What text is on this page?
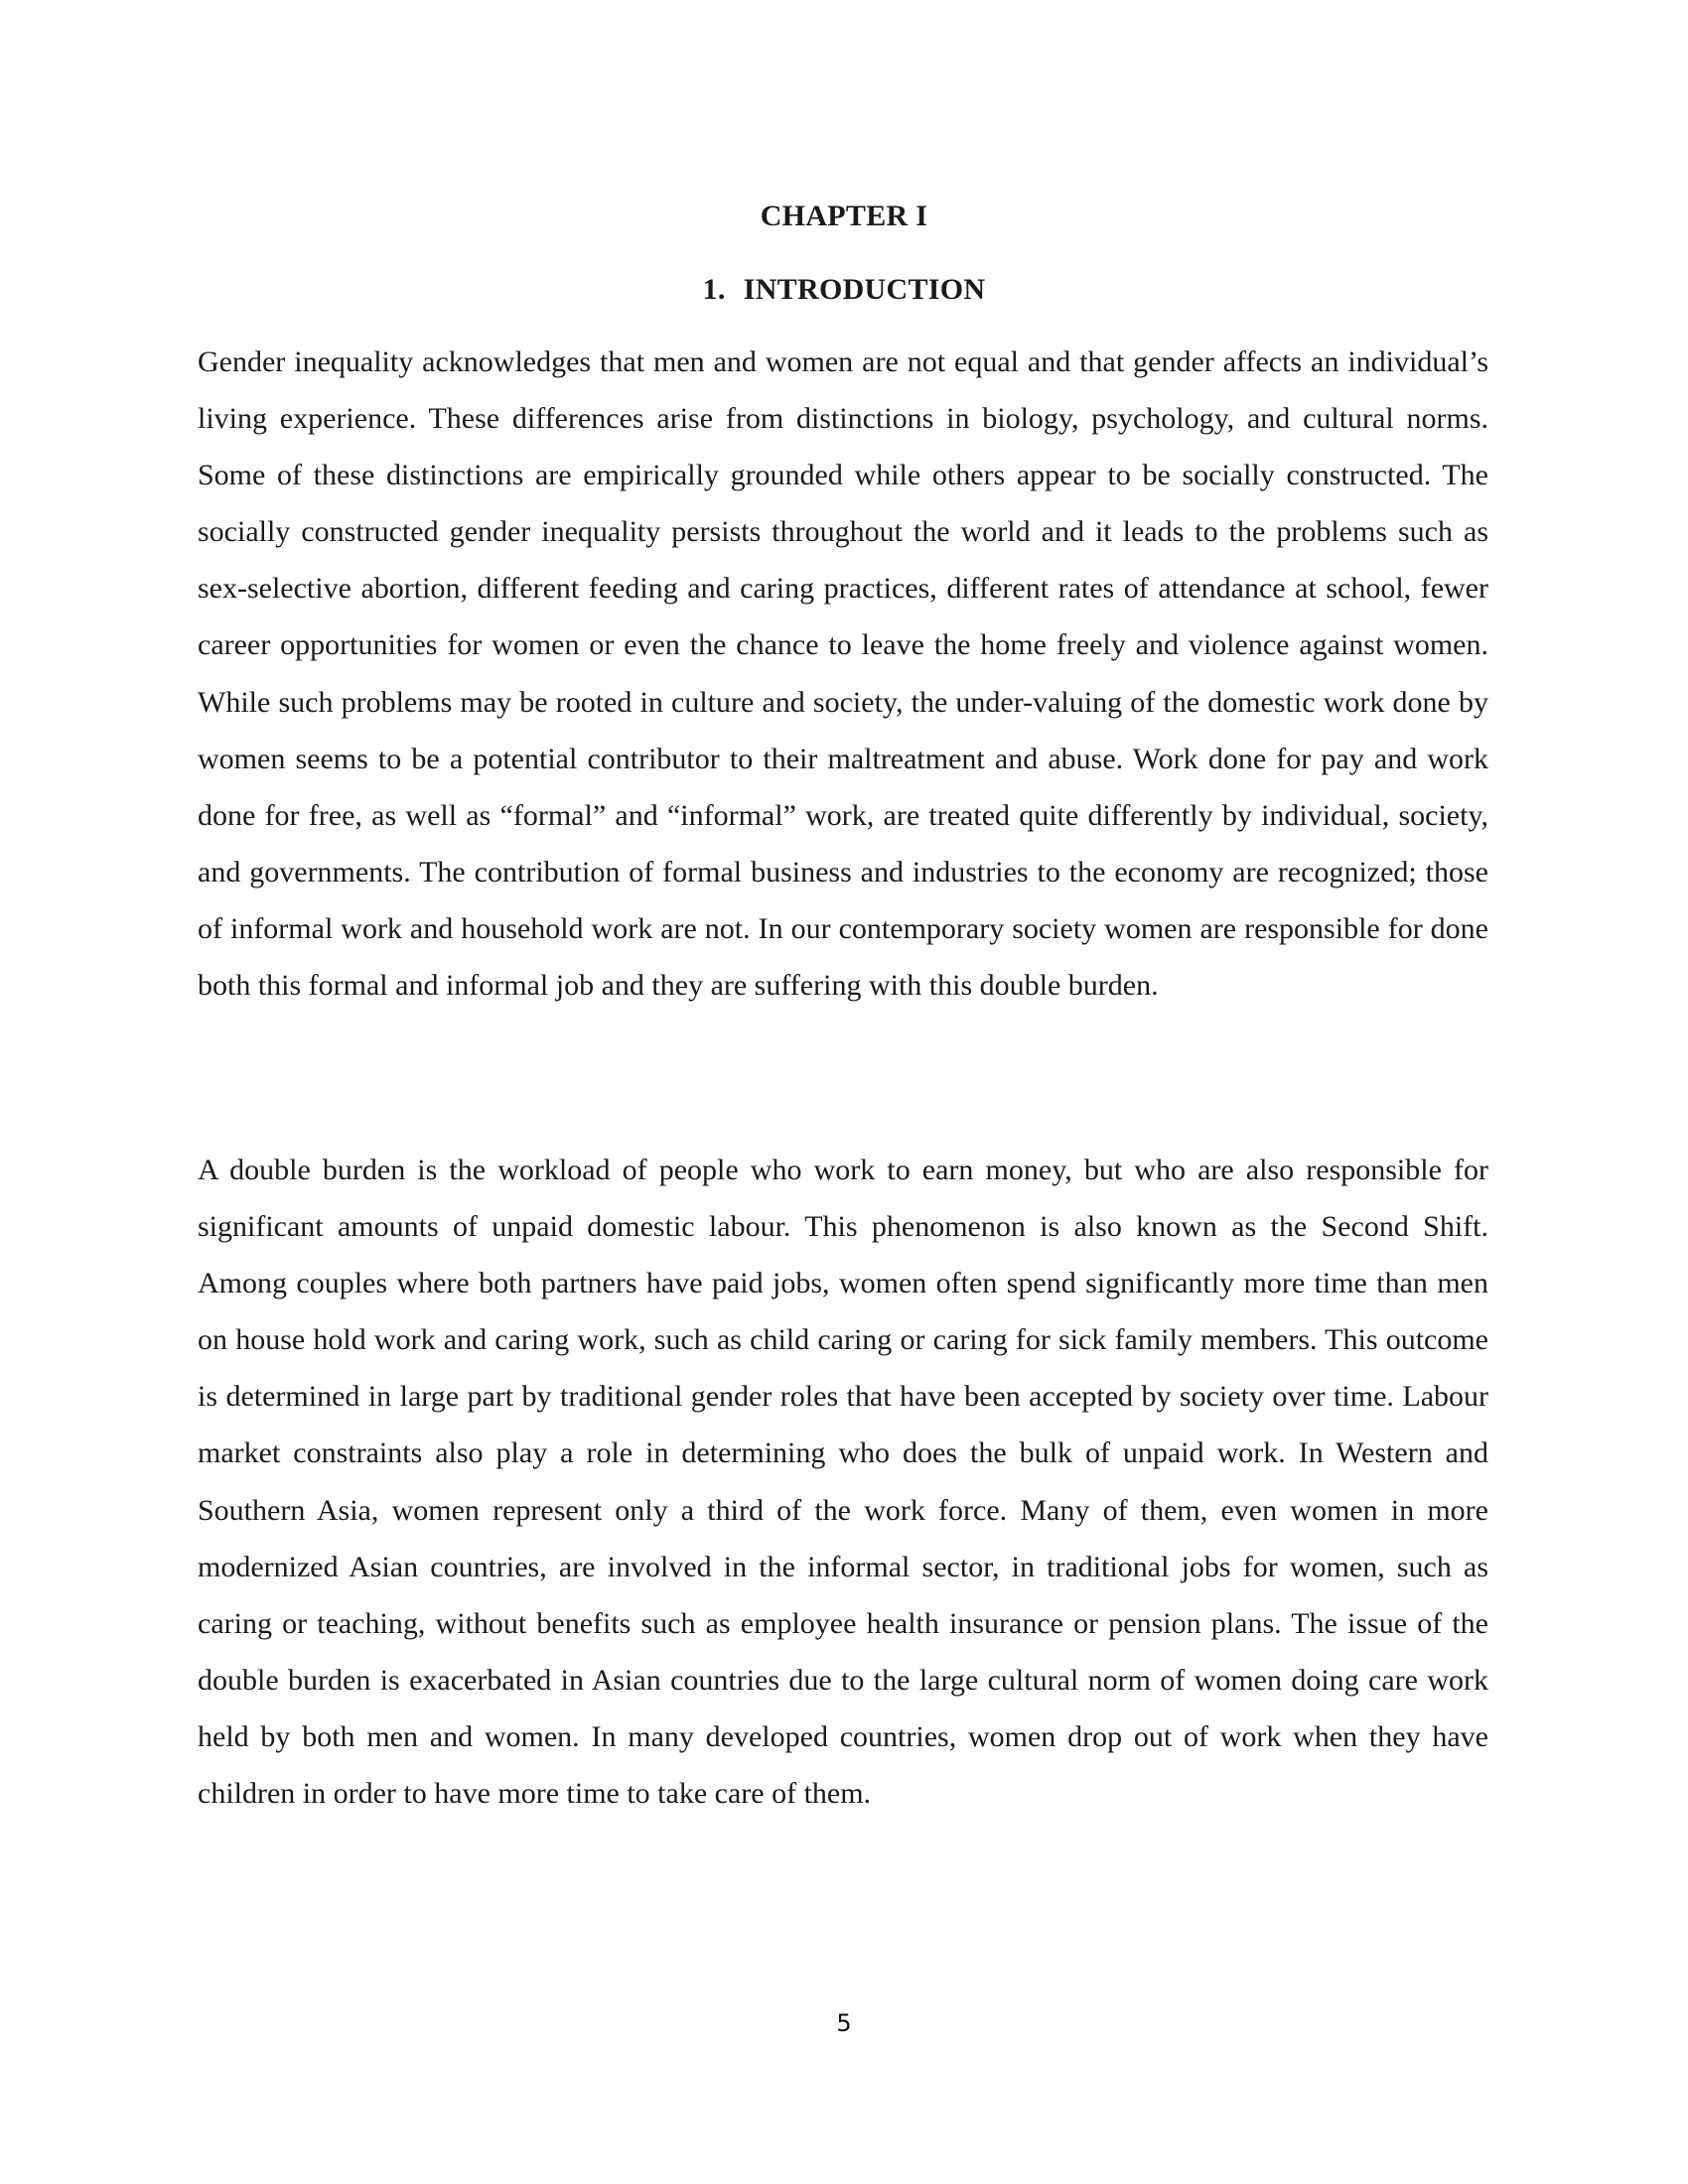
CHAPTER I
1. INTRODUCTION

Gender inequality acknowledges that men and women are not equal and that gender affects an individual’s living experience. These differences arise from distinctions in biology, psychology, and cultural norms. Some of these distinctions are empirically grounded while others appear to be socially constructed. The socially constructed gender inequality persists throughout the world and it leads to the problems such as sex-selective abortion, different feeding and caring practices, different rates of attendance at school, fewer career opportunities for women or even the chance to leave the home freely and violence against women. While such problems may be rooted in culture and society, the under-valuing of the domestic work done by women seems to be a potential contributor to their maltreatment and abuse. Work done for pay and work done for free, as well as “formal” and “informal” work, are treated quite differently by individual, society, and governments. The contribution of formal business and industries to the economy are recognized; those of informal work and household work are not. In our contemporary society women are responsible for done both this formal and informal job and they are suffering with this double burden.

A double burden is the workload of people who work to earn money, but who are also responsible for significant amounts of unpaid domestic labour. This phenomenon is also known as the Second Shift. Among couples where both partners have paid jobs, women often spend significantly more time than men on house hold work and caring work, such as child caring or caring for sick family members. This outcome is determined in large part by traditional gender roles that have been accepted by society over time. Labour market constraints also play a role in determining who does the bulk of unpaid work. In Western and Southern Asia, women represent only a third of the work force. Many of them, even women in more modernized Asian countries, are involved in the informal sector, in traditional jobs for women, such as caring or teaching, without benefits such as employee health insurance or pension plans. The issue of the double burden is exacerbated in Asian countries due to the large cultural norm of women doing care work held by both men and women. In many developed countries, women drop out of work when they have children in order to have more time to take care of them.

5
